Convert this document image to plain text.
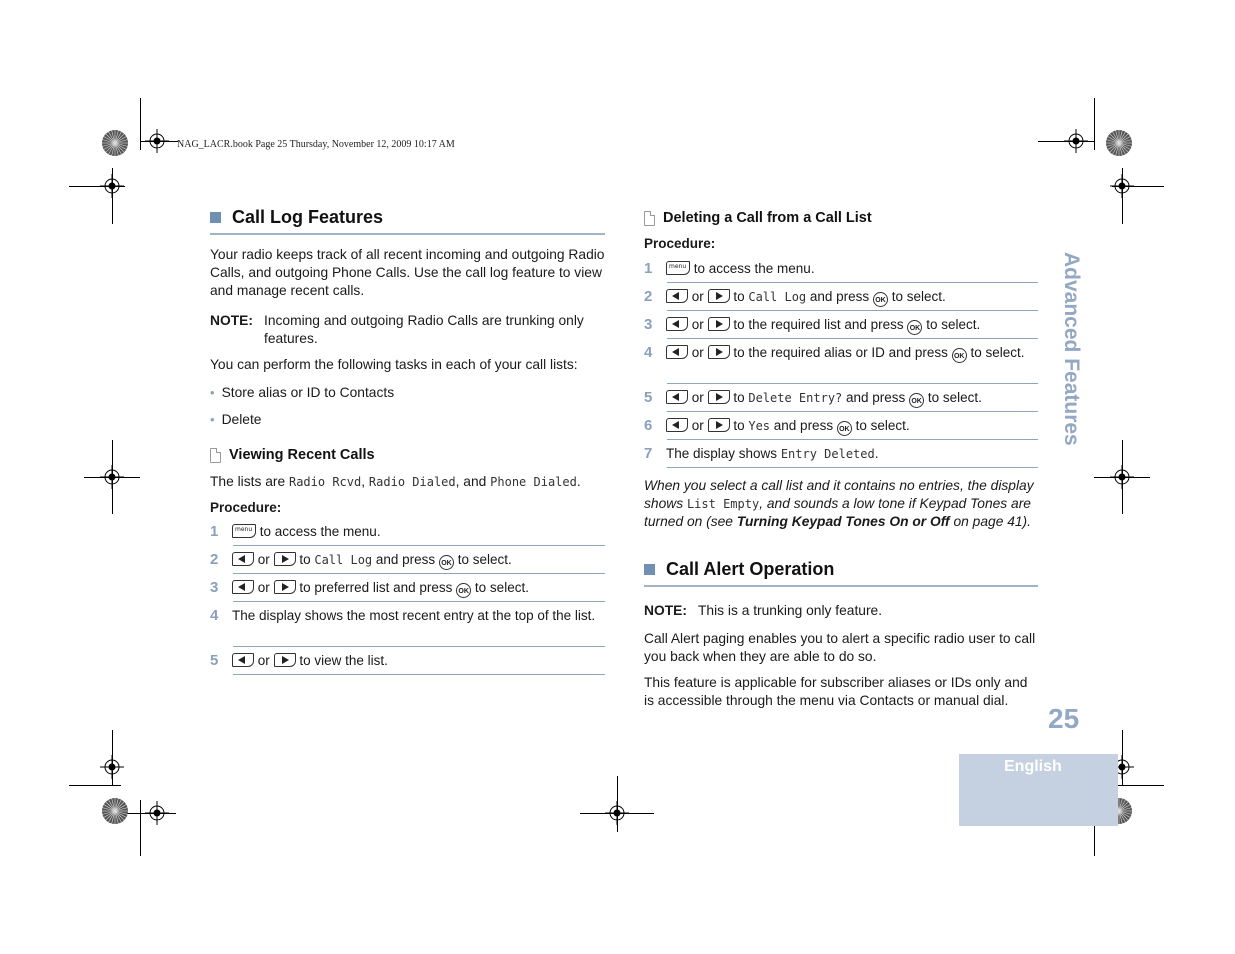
NAG_LACR.book Page 25 Thursday, November 12, 2009 10:17 AM
Call Log Features
Your radio keeps track of all recent incoming and outgoing Radio Calls, and outgoing Phone Calls. Use the call log feature to view and manage recent calls.
NOTE: Incoming and outgoing Radio Calls are trunking only features.
You can perform the following tasks in each of your call lists:
• Store alias or ID to Contacts
• Delete
Viewing Recent Calls
The lists are Radio Rcvd, Radio Dialed, and Phone Dialed.
Procedure:
1	menu to access the menu.
2	or to Call Log and press OK to select.
3	or to preferred list and press OK to select.
4	The display shows the most recent entry at the top of the list.
5	or to view the list.
Deleting a Call from a Call List
Procedure:
1	menu to access the menu.
2	or to Call Log and press OK to select.
3	or to the required list and press OK to select.
4	or to the required alias or ID and press OK to select.
5	or to Delete Entry? and press OK to select.
6	or to Yes and press OK to select.
7	The display shows Entry Deleted.
When you select a call list and it contains no entries, the display shows List Empty, and sounds a low tone if Keypad Tones are turned on (see Turning Keypad Tones On or Off on page 41).
Call Alert Operation
NOTE: This is a trunking only feature.
Call Alert paging enables you to alert a specific radio user to call you back when they are able to do so.
This feature is applicable for subscriber aliases or IDs only and is accessible through the menu via Contacts or manual dial.
Advanced Features
25
English
